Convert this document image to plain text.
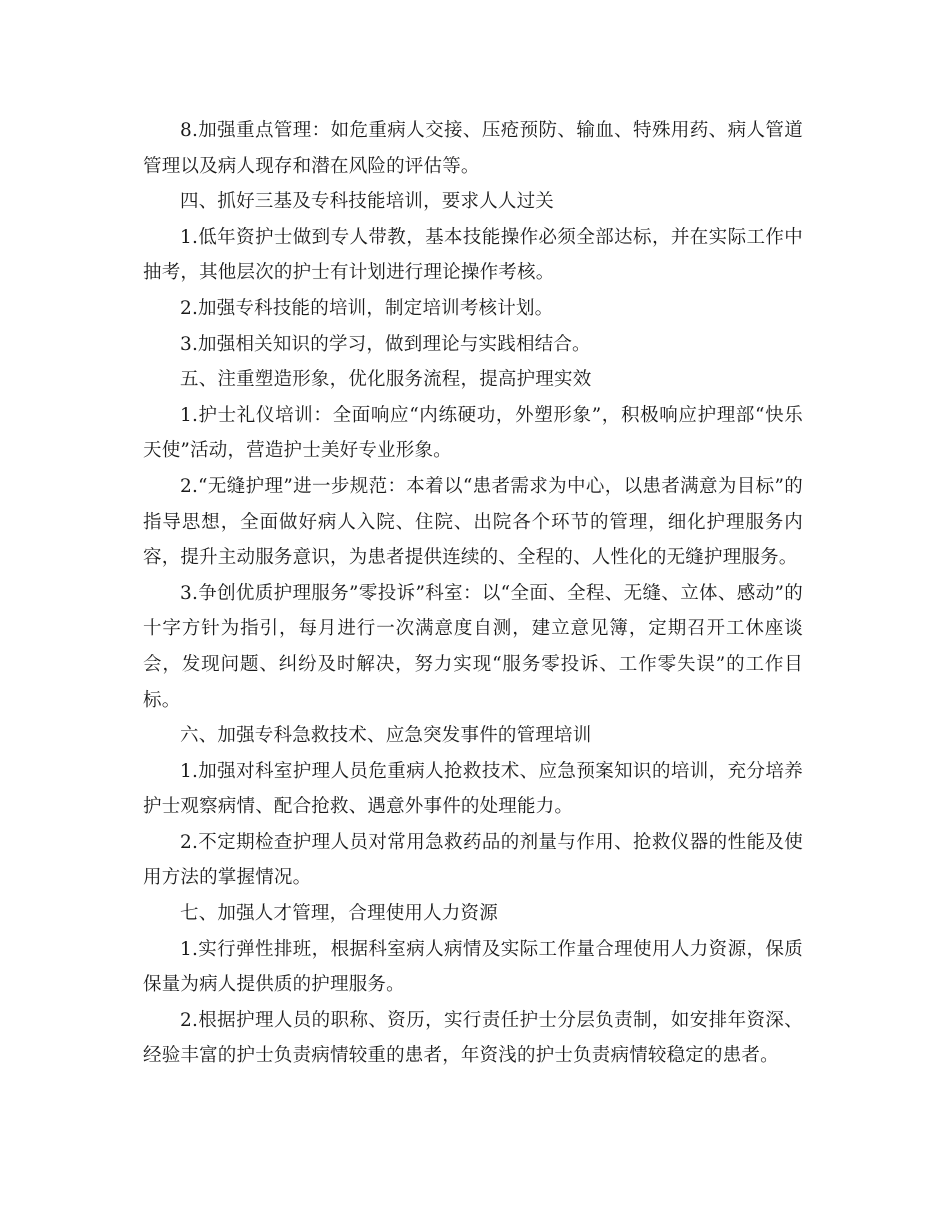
8.加强重点管理：如危重病人交接、压疮预防、输血、特殊用药、病人管道管理以及病人现存和潜在风险的评估等。

四、抓好三基及专科技能培训，要求人人过关

1.低年资护士做到专人带教，基本技能操作必须全部达标，并在实际工作中抽考，其他层次的护士有计划进行理论操作考核。

2.加强专科技能的培训，制定培训考核计划。

3.加强相关知识的学习，做到理论与实践相结合。

五、注重塑造形象，优化服务流程，提高护理实效

1.护士礼仪培训：全面响应“内练硬功，外塑形象”，积极响应护理部“快乐天使”活动，营造护士美好专业形象。

2.“无缝护理”进一步规范：本着以“患者需求为中心，以患者满意为目标”的指导思想，全面做好病人入院、住院、出院各个环节的管理，细化护理服务内容，提升主动服务意识，为患者提供连续的、全程的、人性化的无缝护理服务。

3.争创优质护理服务”零投诉”科室：以“全面、全程、无缝、立体、感动”的十字方针为指引，每月进行一次满意度自测，建立意见簿，定期召开工休座谈会，发现问题、纠纷及时解决，努力实现“服务零投诉、工作零失误”的工作目标。

六、加强专科急救技术、应急突发事件的管理培训

1.加强对科室护理人员危重病人抢救技术、应急预案知识的培训，充分培养护士观察病情、配合抢救、遇意外事件的处理能力。

2.不定期检查护理人员对常用急救药品的剂量与作用、抢救仪器的性能及使用方法的掌握情况。

七、加强人才管理，合理使用人力资源

1.实行弹性排班，根据科室病人病情及实际工作量合理使用人力资源，保质保量为病人提供质的护理服务。

2.根据护理人员的职称、资历，实行责任护士分层负责制，如安排年资深、经验丰富的护士负责病情较重的患者，年资浅的护士负责病情较稳定的患者。
